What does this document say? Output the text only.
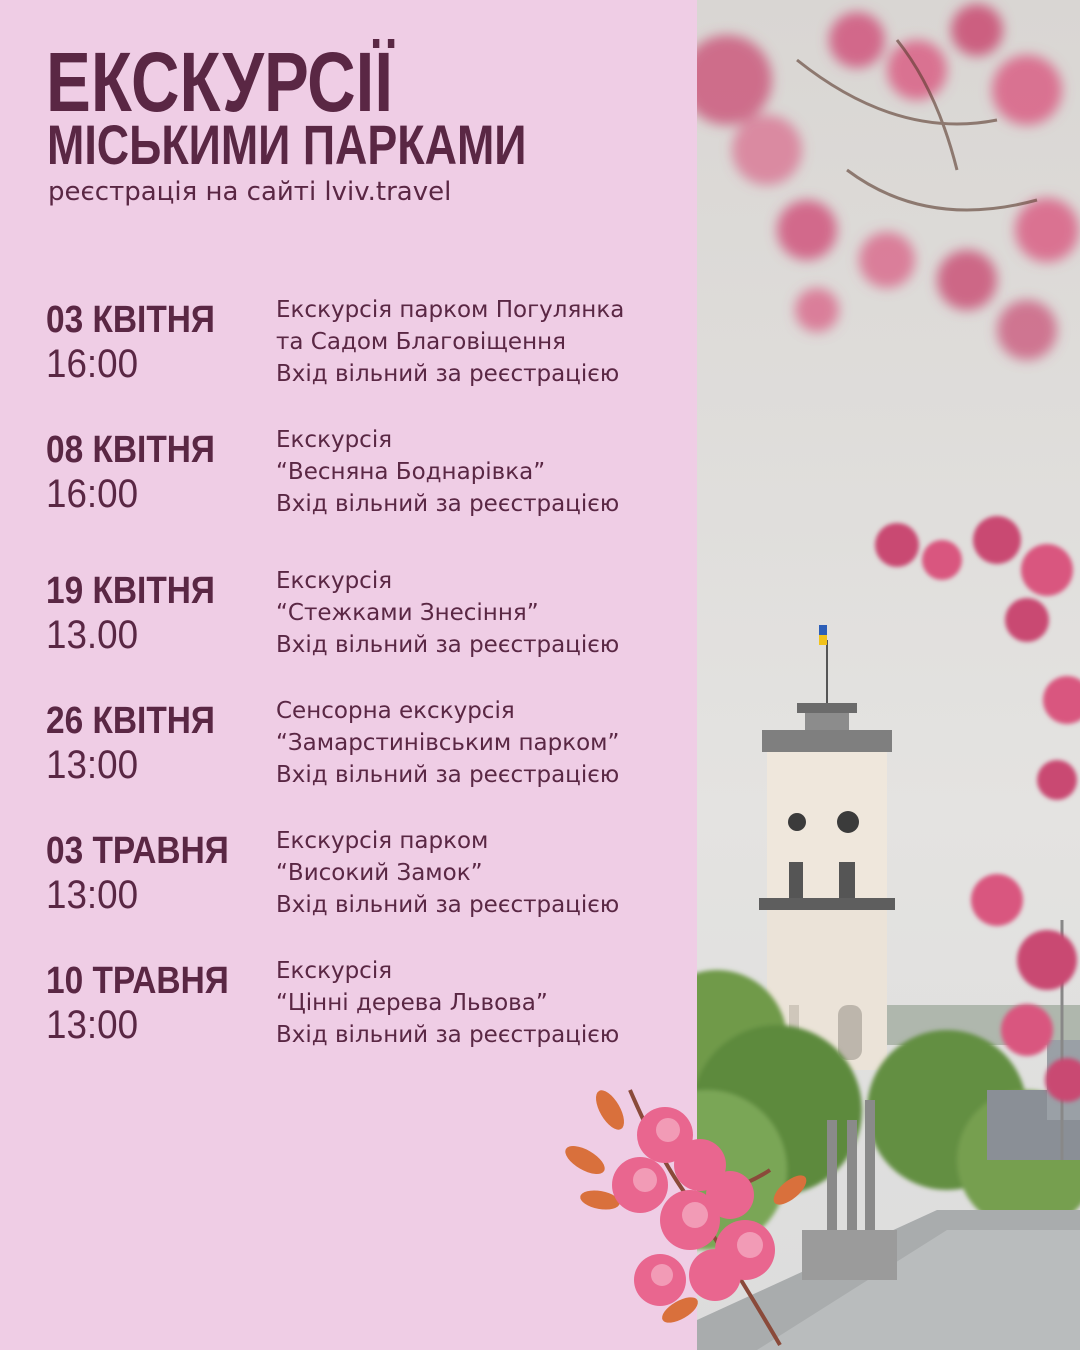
ЕКСКУРСІЇ
МІСЬКИМИ ПАРКАМИ
реєстрація на сайті lviv.travel
03 КВІТНЯ
16:00
Екскурсія парком Погулянка
та Садом Благовіщення
Вхід вільний за реєстрацією
08 КВІТНЯ
16:00
Екскурсія
“Весняна Боднарівка”
Вхід вільний за реєстрацією
19 КВІТНЯ
13.00
Екскурсія
“Стежками Знесіння”
Вхід вільний за реєстрацією
26 КВІТНЯ
13:00
Сенсорна екскурсія
“Замарстинівським парком”
Вхід вільний за реєстрацією
03 ТРАВНЯ
13:00
Екскурсія парком
“Високий Замок”
Вхід вільний за реєстрацією
10 ТРАВНЯ
13:00
Екскурсія
“Цінні дерева Львова”
Вхід вільний за реєстрацією
